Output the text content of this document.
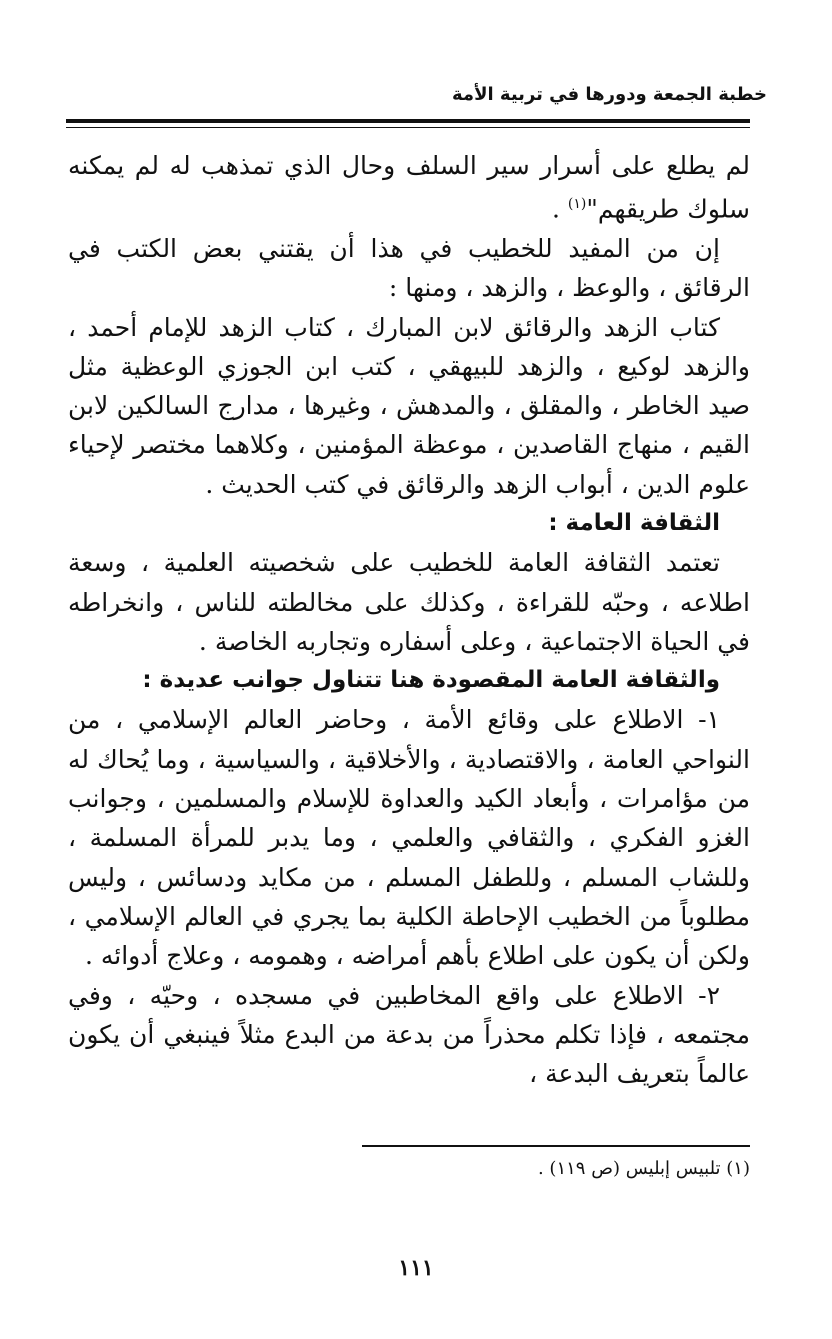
خطبة الجمعة ودورها في تربية الأمة

لم يطلع على أسرار سير السلف وحال الذي تمذهب له لم يمكنه سلوك طريقهم"$^{(١)}$ .

إن من المفيد للخطيب في هذا أن يقتني بعض الكتب في الرقائق ، والوعظ ، والزهد ، ومنها :

كتاب الزهد والرقائق لابن المبارك ، كتاب الزهد للإمام أحمد ، والزهد لوكيع ، والزهد للبيهقي ، كتب ابن الجوزي الوعظية مثل صيد الخاطر ، والمقلق ، والمدهش ، وغيرها ، مدارج السالكين لابن القيم ، منهاج القاصدين ، موعظة المؤمنين ، وكلاهما مختصر لإحياء علوم الدين ، أبواب الزهد والرقائق في كتب الحديث .

الثقافة العامة :

تعتمد الثقافة العامة للخطيب على شخصيته العلمية ، وسعة اطلاعه ، وحبّه للقراءة ، وكذلك على مخالطته للناس ، وانخراطه في الحياة الاجتماعية ، وعلى أسفاره وتجاربه الخاصة .

والثقافة العامة المقصودة هنا تتناول جوانب عديدة :

١- الاطلاع على وقائع الأمة ، وحاضر العالم الإسلامي ، من النواحي العامة ، والاقتصادية ، والأخلاقية ، والسياسية ، وما يُحاك له من مؤامرات ، وأبعاد الكيد والعداوة للإسلام والمسلمين ، وجوانب الغزو الفكري ، والثقافي والعلمي ، وما يدبر للمرأة المسلمة ، وللشاب المسلم ، وللطفل المسلم ، من مكايد ودسائس ، وليس مطلوباً من الخطيب الإحاطة الكلية بما يجري في العالم الإسلامي ، ولكن أن يكون على اطلاع بأهم أمراضه ، وهمومه ، وعلاج أدوائه .

٢- الاطلاع على واقع المخاطبين في مسجده ، وحيّه ، وفي مجتمعه ، فإذا تكلم محذراً من بدعة من البدع مثلاً فينبغي أن يكون عالماً بتعريف البدعة ،

(١) تلبيس إبليس (ص ١١٩) .
١١١
